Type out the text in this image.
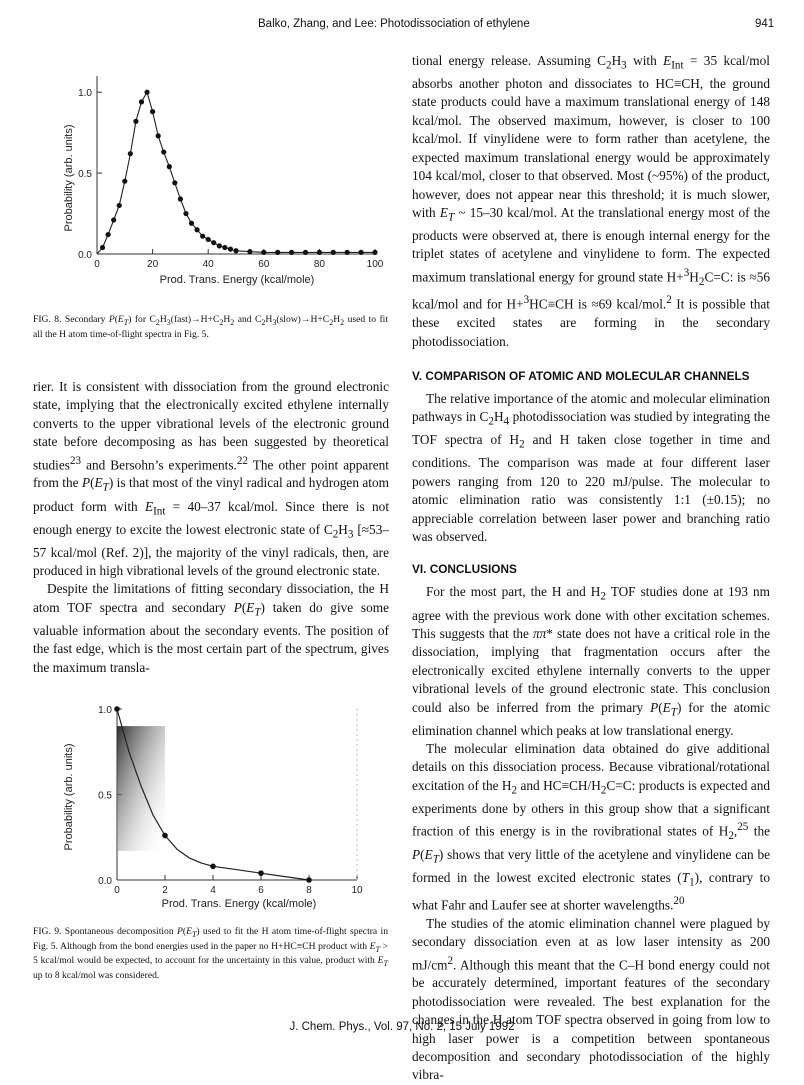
Balko, Zhang, and Lee: Photodissociation of ethylene	941
Probability (arb. units)
Prod. Trans. Energy (kcal/mole)
0	20	40	60	80	100
0.0
0.5
1.0
FIG. 8. Secondary $P(E_T)$ for $C_2H_3(fast)\to H+C_2H_2$ and $C_2H_3(slow)\to H+C_2H_2$ used to fit all the H atom time-of-flight spectra in Fig. 5.

rier. It is consistent with dissociation from the ground electronic state, implying that the electronically excited ethylene internally converts to the upper vibrational levels of the electronic ground state before decomposing as has been suggested by theoretical studies$^{23}$ and Bersohn’s experiments.$^{22}$ The other point apparent from the $P(E_T)$ is that most of the vinyl radical and hydrogen atom product form with $E_{Int} = 40-37$ kcal/mol. Since there is not enough energy to excite the lowest electronic state of $C_2H_3$ [≈53–57 kcal/mol (Ref. 2)], the majority of the vinyl radicals, then, are produced in high vibrational levels of the ground electronic state.

Despite the limitations of fitting secondary dissociation, the H atom TOF spectra and secondary $P(E_T)$ taken do give some valuable information about the secondary events. The position of the fast edge, which is the most certain part of the spectrum, gives the maximum transla-

Probability (arb. units)
Prod. Trans. Energy (kcal/mole)
0	2	4	6	8	10
0.0
0.5
1.0
FIG. 9. Spontaneous decomposition $P(E_T)$ used to fit the H atom time-of-flight spectra in Fig. 5. Although from the bond energies used in the paper no H+HC≡CH product with $E_T > 5$ kcal/mol would be expected, to account for the uncertainty in this value, product with $E_T$ up to 8 kcal/mol was considered.

tional energy release. Assuming $C_2H_3$ with $E_{Int} = 35$ kcal/mol absorbs another photon and dissociates to HC≡CH, the ground state products could have a maximum translational energy of 148 kcal/mol. The observed maximum, however, is closer to 100 kcal/mol. If vinylidene were to form rather than acetylene, the expected maximum translational energy would be approximately 104 kcal/mol, closer to that observed. Most (~95%) of the product, however, does not appear near this threshold; it is much slower, with $E_T$ ~ 15–30 kcal/mol. At the translational energy most of the products were observed at, there is enough internal energy for the triplet states of acetylene and vinylidene to form. The expected maximum translational energy for ground state $H+^3H_2C=C$: is ≈56 kcal/mol and for H+$^3$HC≡CH is ≈69 kcal/mol.$^2$ It is possible that these excited states are forming in the secondary photodissociation.

V. COMPARISON OF ATOMIC AND MOLECULAR CHANNELS

The relative importance of the atomic and molecular elimination pathways in $C_2H_4$ photodissociation was studied by integrating the TOF spectra of $H_2$ and H taken close together in time and conditions. The comparison was made at four different laser powers ranging from 120 to 220 mJ/pulse. The molecular to atomic elimination ratio was consistently 1:1 (±0.15); no appreciable correlation between laser power and branching ratio was observed.

VI. CONCLUSIONS

For the most part, the H and $H_2$ TOF studies done at 193 nm agree with the previous work done with other excitation schemes. This suggests that the ππ* state does not have a critical role in the dissociation, implying that fragmentation occurs after the electronically excited ethylene internally converts to the upper vibrational levels of the ground electronic state. This conclusion could also be inferred from the primary $P(E_T)$ for the atomic elimination channel which peaks at low translational energy.

The molecular elimination data obtained do give additional details on this dissociation process. Because vibrational/rotational excitation of the $H_2$ and $HC\equiv CH/H_2C=C$: products is expected and experiments done by others in this group show that a significant fraction of this energy is in the rovibrational states of $H_2,^{25}$ the $P(E_T)$ shows that very little of the acetylene and vinylidene can be formed in the lowest excited electronic states $(T_1)$, contrary to what Fahr and Laufer see at shorter wavelengths.$^{20}$

The studies of the atomic elimination channel were plagued by secondary dissociation even at as low laser intensity as 200 $mJ/cm^2$. Although this meant that the C–H bond energy could not be accurately determined, important features of the secondary photodissociation were revealed. The best explanation for the changes in the H atom TOF spectra observed in going from low to high laser power is a competition between spontaneous decomposition and secondary photodissociation of the highly vibra-

J. Chem. Phys., Vol. 97, No. 2, 15 July 1992
